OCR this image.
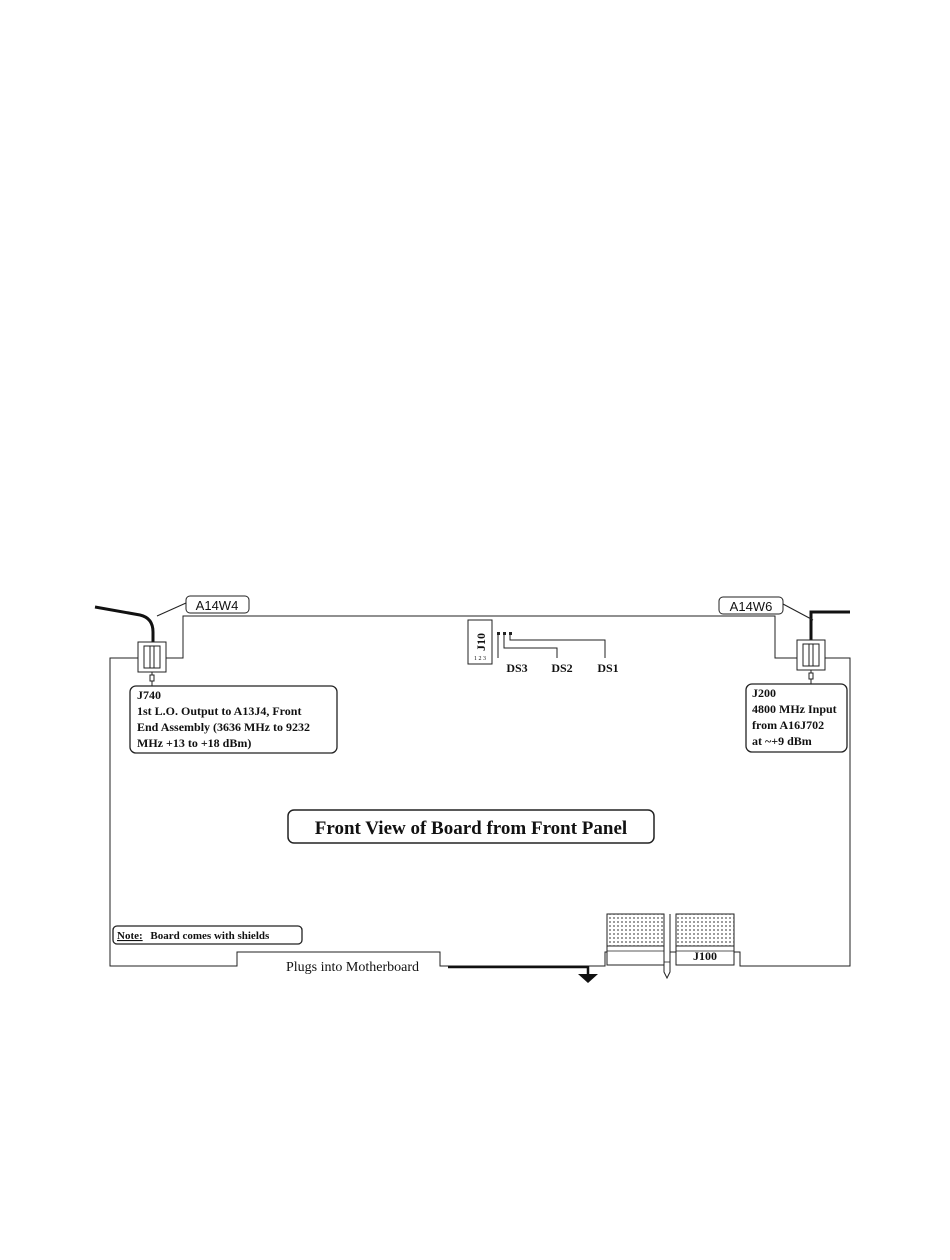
A14W4
J740 1st L.O. Output to A13J4, Front End Assembly (3636 MHz to 9232 MHz +13 to +18 dBm)
A14W6
J200 4800 MHz Input from A16J702 at ~+9 dBm
J10
1 2 3
DS3 DS2 DS1
Front View of Board from Front Panel
Note: Board comes with shields
J100
Plugs into Motherboard
